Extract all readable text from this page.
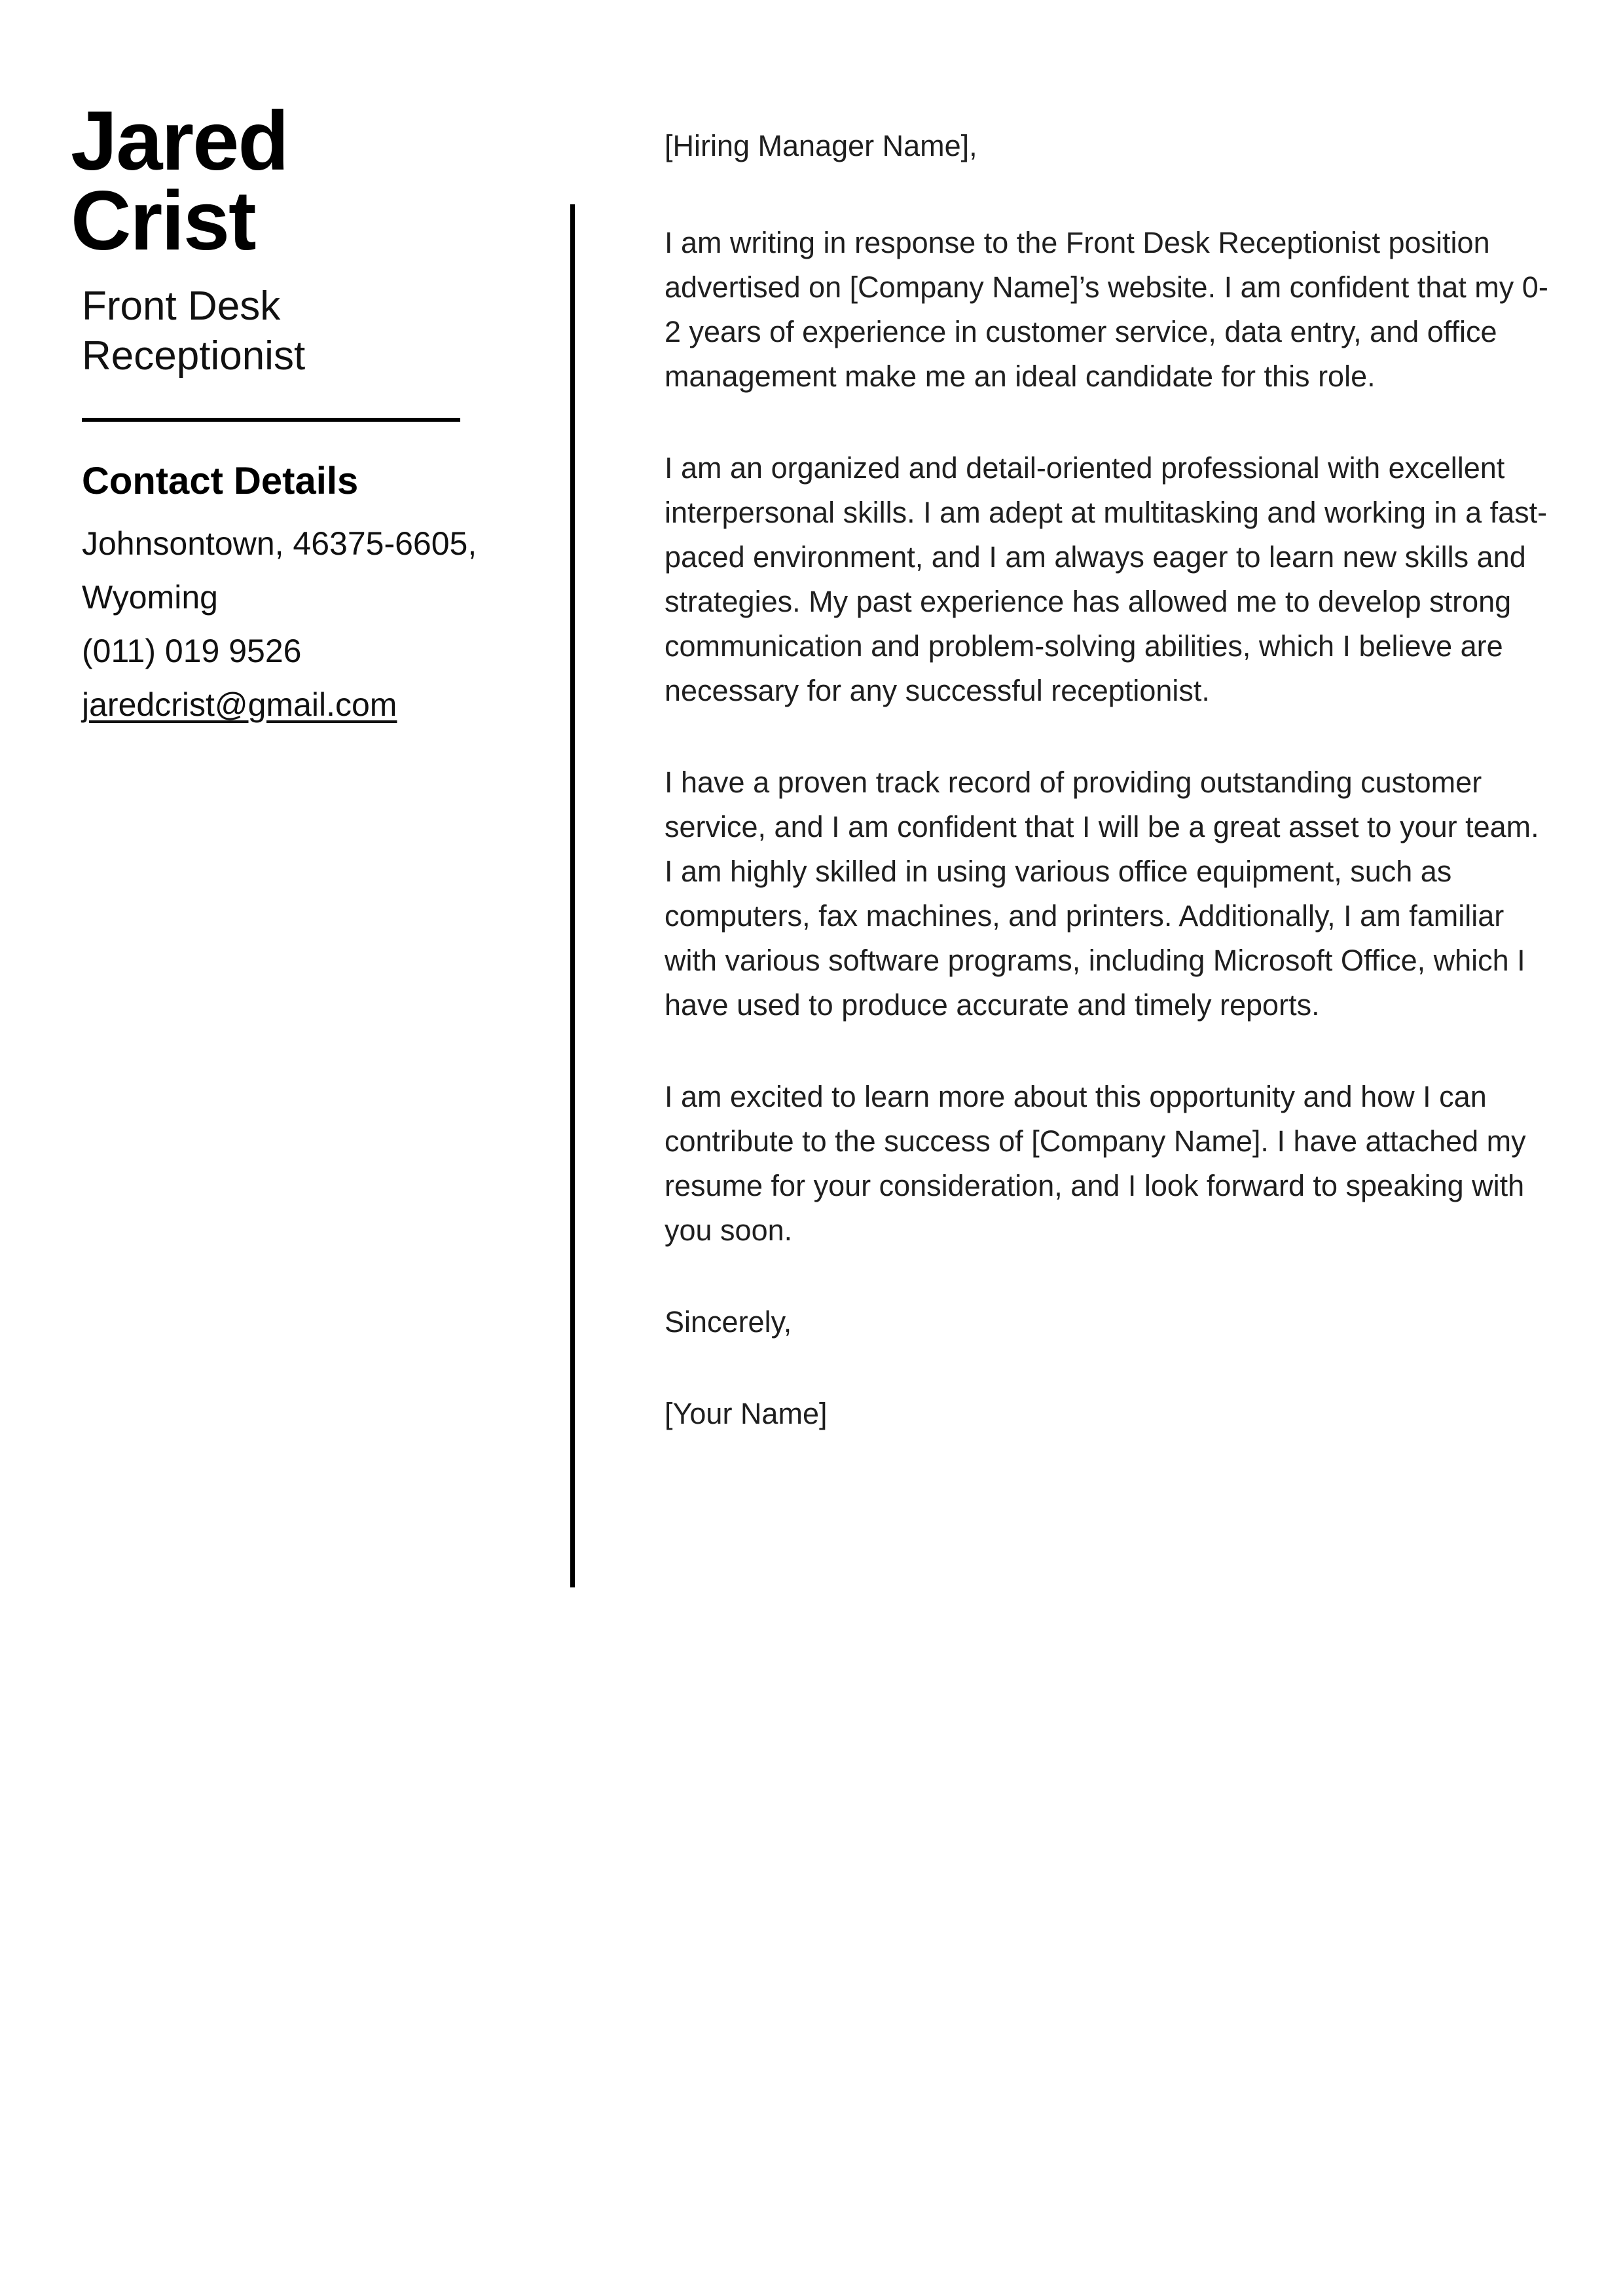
Jared
Crist
Front Desk Receptionist
Contact Details
Johnsontown, 46375-6605,
Wyoming
(011) 019 9526
jaredcrist@gmail.com

[Hiring Manager Name],

I am writing in response to the Front Desk Receptionist position advertised on [Company Name]’s website. I am confident that my 0-2 years of experience in customer service, data entry, and office management make me an ideal candidate for this role.

I am an organized and detail-oriented professional with excellent interpersonal skills. I am adept at multitasking and working in a fast-paced environment, and I am always eager to learn new skills and strategies. My past experience has allowed me to develop strong communication and problem-solving abilities, which I believe are necessary for any successful receptionist.

I have a proven track record of providing outstanding customer service, and I am confident that I will be a great asset to your team. I am highly skilled in using various office equipment, such as computers, fax machines, and printers. Additionally, I am familiar with various software programs, including Microsoft Office, which I have used to produce accurate and timely reports.

I am excited to learn more about this opportunity and how I can contribute to the success of [Company Name]. I have attached my resume for your consideration, and I look forward to speaking with you soon.

Sincerely,

[Your Name]
